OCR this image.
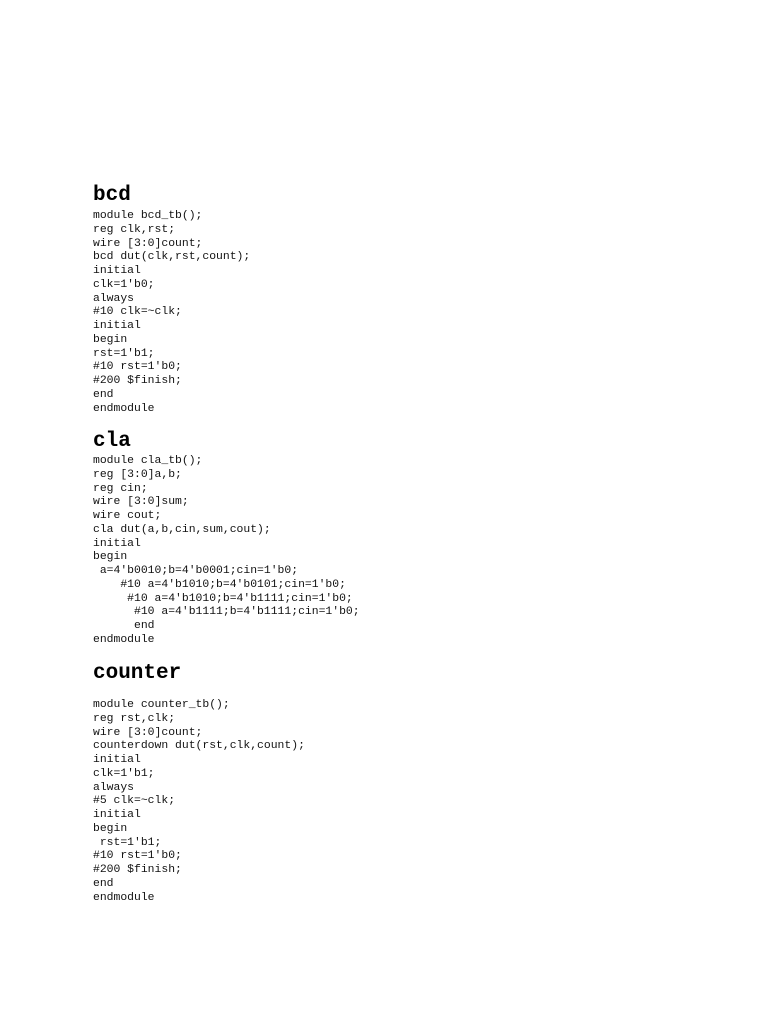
bcd
module bcd_tb();
reg clk,rst;
wire [3:0]count;
bcd dut(clk,rst,count);
initial
clk=1'b0;
always
#10 clk=~clk;
initial
begin
rst=1'b1;
#10 rst=1'b0;
#200 $finish;
end
endmodule
cla
module cla_tb();
reg [3:0]a,b;
reg cin;
wire [3:0]sum;
wire cout;
cla dut(a,b,cin,sum,cout);
initial
begin
a=4'b0010;b=4'b0001;cin=1'b0;
#10 a=4'b1010;b=4'b0101;cin=1'b0;
#10 a=4'b1010;b=4'b1111;cin=1'b0;
#10 a=4'b1111;b=4'b1111;cin=1'b0;
end
endmodule
counter
module counter_tb();
reg rst,clk;
wire [3:0]count;
counterdown dut(rst,clk,count);
initial
clk=1'b1;
always
#5 clk=~clk;
initial
begin
rst=1'b1;
#10 rst=1'b0;
#200 $finish;
end
endmodule
